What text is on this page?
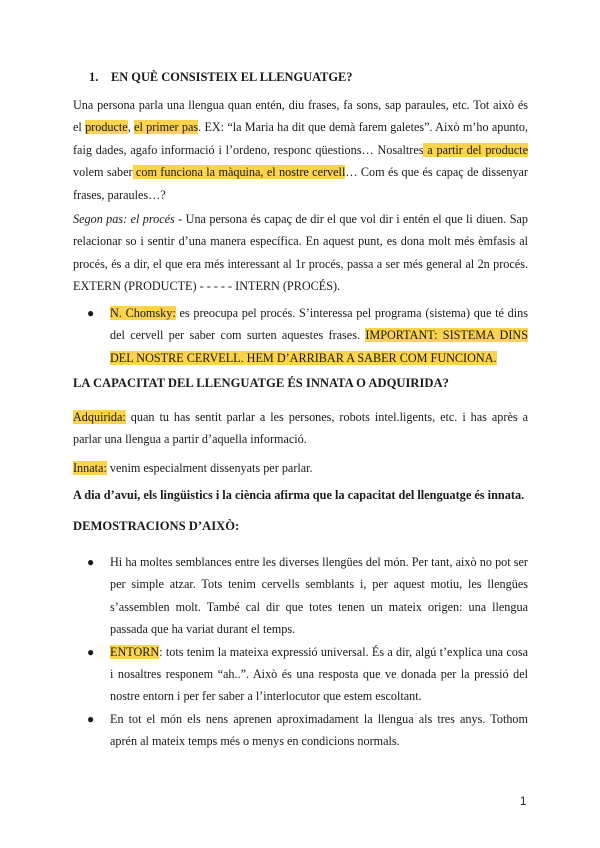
1. EN QUÈ CONSISTEIX EL LLENGUATGE?

Una persona parla una llengua quan entén, diu frases, fa sons, sap paraules, etc. Tot això és el producte, el primer pas. EX: “la Maria ha dit que demà farem galetes”. Això m’ho apunto, faig dades, agafo informació i l’ordeno, responc qüestions… Nosaltres a partir del producte volem saber com funciona la màquina, el nostre cervell… Com és que és capaç de dissenyar frases, paraules…?

Segon pas: el procés - Una persona és capaç de dir el que vol dir i entén el que li diuen. Sap relacionar so i sentir d’una manera específica. En aquest punt, es dona molt més èmfasis al procés, és a dir, el que era més interessant al 1r procés, passa a ser més general al 2n procés. EXTERN (PRODUCTE) - - - - - INTERN (PROCÉS).

● N. Chomsky: es preocupa pel procés. S’interessa pel programa (sistema) que té dins del cervell per saber com surten aquestes frases. IMPORTANT: SISTEMA DINS DEL NOSTRE CERVELL. HEM D’ARRIBAR A SABER COM FUNCIONA.
LA CAPACITAT DEL LLENGUATGE ÉS INNATA O ADQUIRIDA?

Adquirida: quan tu has sentit parlar a les persones, robots intel.ligents, etc. i has après a parlar una llengua a partir d’aquella informació.

Innata: venim especialment dissenyats per parlar.

A dia d’avui, els lingüistics i la ciència afirma que la capacitat del llenguatge és innata.
DEMOSTRACIONS D’AIXÒ:
● Hi ha moltes semblances entre les diverses llengües del món. Per tant, això no pot ser per simple atzar. Tots tenim cervells semblants i, per aquest motiu, les llengües s’assemblen molt. També cal dir que totes tenen un mateix origen: una llengua passada que ha variat durant el temps.
● ENTORN: tots tenim la mateixa expressió universal. És a dir, algú t’explica una cosa i nosaltres responem “ah..”. Això és una resposta que ve donada per la pressió del nostre entorn i per fer saber a l’interlocutor que estem escoltant.
● En tot el món els nens aprenen aproximadament la llengua als tres anys. Tothom aprén al mateix temps més o menys en condicions normals.
1
